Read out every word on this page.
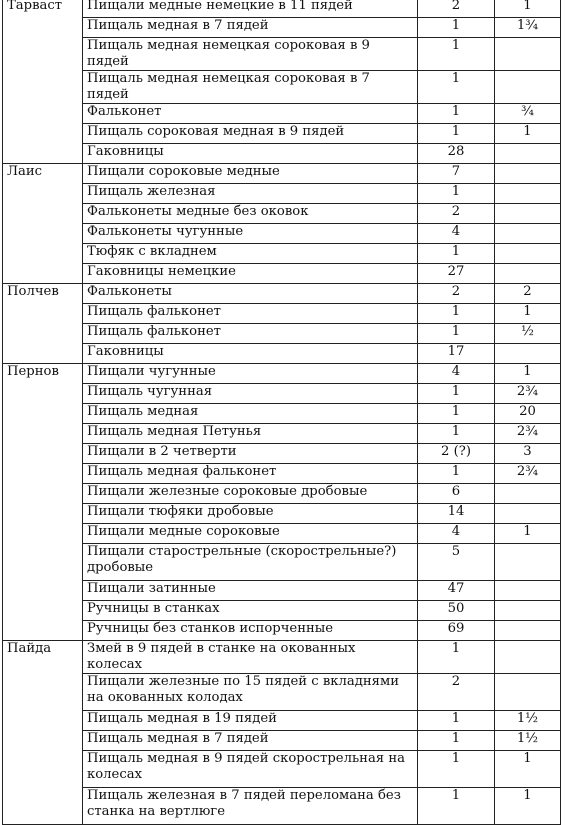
Тарваст	Пищали медные немецкие в 11 пядей	2	1
	Пищаль медная в 7 пядей	1	1¾
	Пищаль медная немецкая сороковая в 9 пядей	1	
	Пищаль медная немецкая сороковая в 7 пядей	1	
	Фальконет	1	¾
	Пищаль сороковая медная в 9 пядей	1	1
	Гаковницы	28	
Лаис	Пищали сороковые медные	7	
	Пищаль железная	1	
	Фальконеты медные без оковок	2	
	Фальконеты чугунные	4	
	Тюфяк с вкладнем	1	
	Гаковницы немецкие	27	
Полчев	Фальконеты	2	2
	Пищаль фальконет	1	1
	Пищаль фальконет	1	½
	Гаковницы	17	
Пернов	Пищали чугунные	4	1
	Пищаль чугунная	1	2¾
	Пищаль медная	1	20
	Пищаль медная Петунья	1	2¾
	Пищали в 2 четверти	2 (?)	3
	Пищаль медная фальконет	1	2¾
	Пищали железные сороковые дробовые	6	
	Пищали тюфяки дробовые	14	
	Пищали медные сороковые	4	1
	Пищали старострельные (скорострельные?) дробовые	5	
	Пищали затинные	47	
	Ручницы в станках	50	
	Ручницы без станков испорченные	69	
Пайда	Змей в 9 пядей в станке на окованных колесах	1	
	Пищали железные по 15 пядей с вкладнями на окованных колодах	2	
	Пищаль медная в 19 пядей	1	1½
	Пищаль медная в 7 пядей	1	1½
	Пищаль медная в 9 пядей скорострельная на колесах	1	1
	Пищаль железная в 7 пядей переломана без станка на вертлюге	1	1
